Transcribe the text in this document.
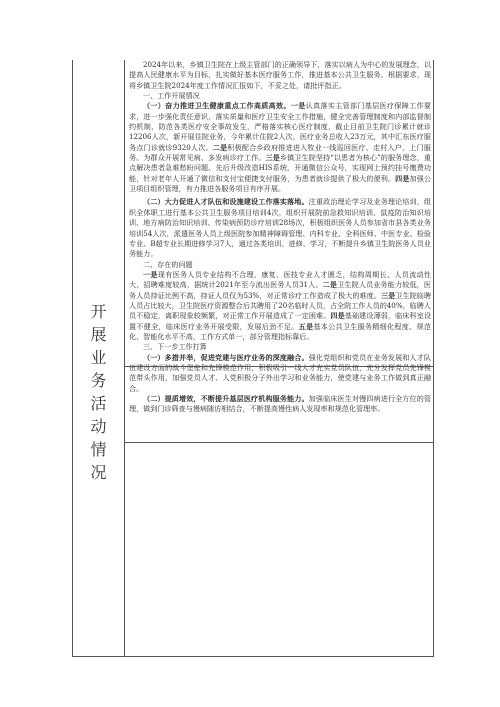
开
展
业
务
活
动
情
况

2024年以来，乡镇卫生院在上级主管部门的正确领导下，落实以病人为中心的发展理念，以提高人民健康水平为目标，扎实做好基本医疗服务工作，推进基本公共卫生服务。根据要求，现将乡镇卫生院2024年度工作情况汇报如下，不妥之处，请批评指正。

一、工作开展情况

（一）奋力推进卫生健康重点工作高质高效。一是认真落实主管部门基层医疗保障工作要求，进一步强化责任意识，落实质量和医疗卫生安全工作措施，健全完善管理制度和内部监督制约机制，防范各类医疗安全事故发生，严格落实核心医疗制度，截止目前卫生院门诊累计就诊12206人次，新开展住院业务，今年累计住院2人次，医疗业务总收入23万元，其中汇东医疗服务点门诊就诊9320人次。二是积极配合乡政府推进进入牧业一线巡回医疗、走村入户，上门服务。为群众开展常见病、多发病诊疗工作。三是乡镇卫生院坚持“以患者为核心”的服务理念，重点解决患者急难愁盼问题。先后升级改造HIS系统，开通微信公众号，实现网上预约挂号缴费功能，针对老年人开通了微信和支付宝便捷支付服务，为患者就诊提供了极大的便利。四是加强公卫项目组织管理，有力推进各服务项目有序开展。

（二）大力促进人才队伍和设施建设工作落实落地。注重政治理论学习及业务理论培训，组织全体职工进行基本公共卫生服务项目培训4次，组织开展院前急救知识培训、鼠疫防治知识培训、地方病防治知识培训、传染病预防诊疗培训28场次，积极组织医务人员参加省市县各类业务培训54人次，派遣医务人员上级医院参加精神障碍管理、内科专业、全科医师、中医专业、检验专业、B超专业长期进修学习7人，通过各类培训、进修、学习，不断提升乡镇卫生院医务人员业务能力。

二、存在的问题

一是现有医务人员专业结构不合理，康复、医技专业人才匮乏，结构周期长、人员流动性大、招聘难度较高，据统计2021年至今流出医务人员31人。二是卫生院人员业务能力较低，医务人员持证比例不高，持证人员仅为53%，对正常诊疗工作造成了极大的难度。三是卫生院临聘人员占比较大，卫生院医疗资源整合后共聘用了20名临时人员，占全院工作人员的40%，临聘人员不稳定，离职现象较频繁，对正常工作开展造成了一定困难。四是基础建设薄弱，临床科室设置不健全，临床医疗业务开展受限，发展后劲不足。五是基本公共卫生服务精细化程度、规范化、智能化水平不高，工作方式单一，部分管理指标靠后。

三、下一步工作打算

（一）多措并举，促进党建与医疗业务的深度融合。强化党组织和党员在业务发展和人才队伍建设方面的战斗堡垒和先锋模范作用，积极吸引一线人才充实党员队伍，充分发挥党员先锋模范带头作用，加强党员人才、人党积极分子外出学习和业务能力，使党建与业务工作做到真正融合。

（二）提质增效，不断提升基层医疗机构服务能力。加强临床医生对慢四病进行全方位的管理，做到门诊筛查与慢病随访相结合，不断提高慢性病人发现率和规范化管理率。
